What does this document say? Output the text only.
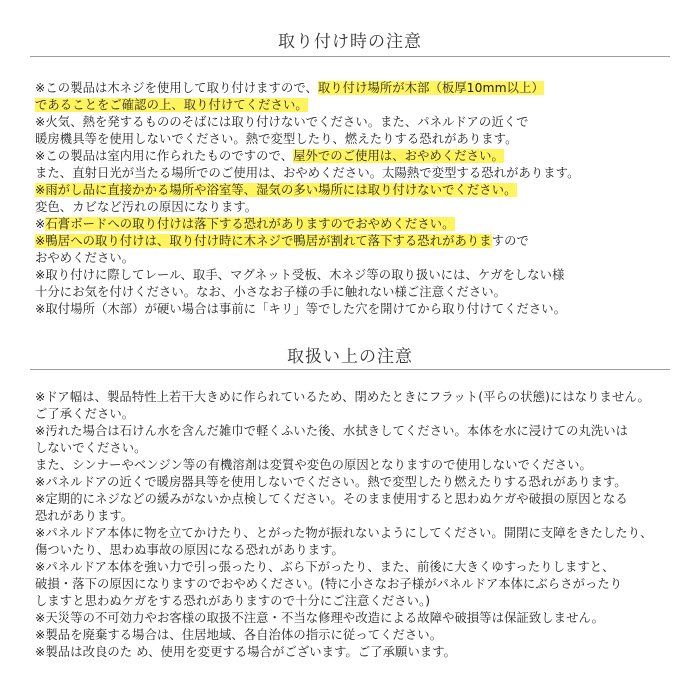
取り付け時の注意
※この製品は木ネジを使用して取り付けますので、取り付け場所が木部（板厚10mm以上）
であることをご確認の上、取り付けてください。
※火気、熱を発するもののそばには取り付けないでください。また、パネルドアの近くで
暖房機具等を使用しないでください。熱で変型したり、燃えたりする恐れがあります。
※この製品は室内用に作られたものですので、屋外でのご使用は、おやめください。
また、直射日光が当たる場所でのご使用は、おやめください。太陽熱で変型する恐れがあります。
※雨がし品に直接かかる場所や浴室等、湿気の多い場所には取り付けないでください。
変色、カビなど汚れの原因になります。
※石膏ボードへの取り付けは落下する恐れがありますのでおやめください。
※鴨居への取り付けは、取り付け時に木ネジで鴨居が割れて落下する恐れがありますので
おやめください。
※取り付けに際してレール、取手、マグネット受板、木ネジ等の取り扱いには、ケガをしない様
十分にお気を付けください。なお、小さなお子様の手に触れない様ご注意ください。
※取付場所（木部）が硬い場合は事前に「キリ」等でした穴を開けてから取り付けてください。
取扱い上の注意
※ドア幅は、製品特性上若干大きめに作られているため、閉めたときにフラット(平らの状態)にはなりません。
ご了承ください。
※汚れた場合は石けん水を含んだ雑巾で軽くふいた後、水拭きしてください。本体を水に浸けての丸洗いは
しないでください。
また、シンナーやベンジン等の有機溶剤は変質や変色の原因となりますので使用しないでください。
※パネルドアの近くで暖房器具等を使用しないでください。熱で変型したり燃えたりする恐れがあります。
※定期的にネジなどの緩みがないか点検してください。そのまま使用すると思わぬケガや破損の原因となる
恐れがあります。
※パネルドア本体に物を立てかけたり、とがった物が振れないようにしてください。開閉に支障をきたしたり、
傷ついたり、思わぬ事故の原因になる恐れがあります。
※パネルドア本体を強い力で引っ張ったり、ぶら下がったり、また、前後に大きくゆすったりしますと、
破損・落下の原因になりますのでおやめください。(特に小さなお子様がパネルドア本体にぶらさがったり
しますと思わぬケガをする恐れがありますので十分にご注意ください。)
※天災等の不可効力やお客様の取扱不注意・不当な修理や改造による故障や破損等は保証致しません。
※製品を廃棄する場合は、住居地域、各自治体の指示に従ってください。
※製品は改良のた め、使用を変更する場合がございます。ご了承願います。
